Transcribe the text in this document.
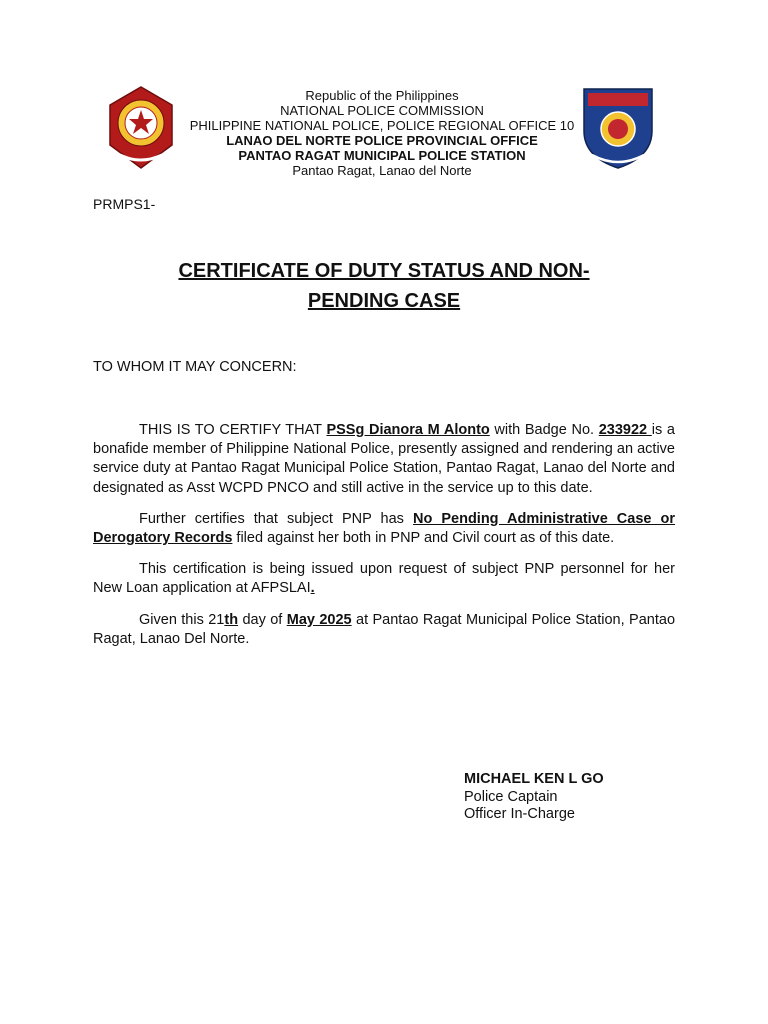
Republic of the Philippines
NATIONAL POLICE COMMISSION
PHILIPPINE NATIONAL POLICE, POLICE REGIONAL OFFICE 10
LANAO DEL NORTE POLICE PROVINCIAL OFFICE
PANTAO RAGAT MUNICIPAL POLICE STATION
Pantao Ragat, Lanao del Norte
PRMPS1-
CERTIFICATE OF DUTY STATUS AND NON-
PENDING CASE
TO WHOM IT MAY CONCERN:

THIS IS TO CERTIFY THAT PSSg Dianora M Alonto with Badge No. 233922 is a bonafide member of Philippine National Police, presently assigned and rendering an active service duty at Pantao Ragat Municipal Police Station, Pantao Ragat, Lanao del Norte and designated as Asst WCPD PNCO and still active in the service up to this date.

Further certifies that subject PNP has No Pending Administrative Case or Derogatory Records filed against her both in PNP and Civil court as of this date.

This certification is being issued upon request of subject PNP personnel for her New Loan application at AFPSLAI.

Given this 21th day of May 2025 at Pantao Ragat Municipal Police Station, Pantao Ragat, Lanao Del Norte.

MICHAEL KEN L GO
Police Captain
Officer In-Charge
